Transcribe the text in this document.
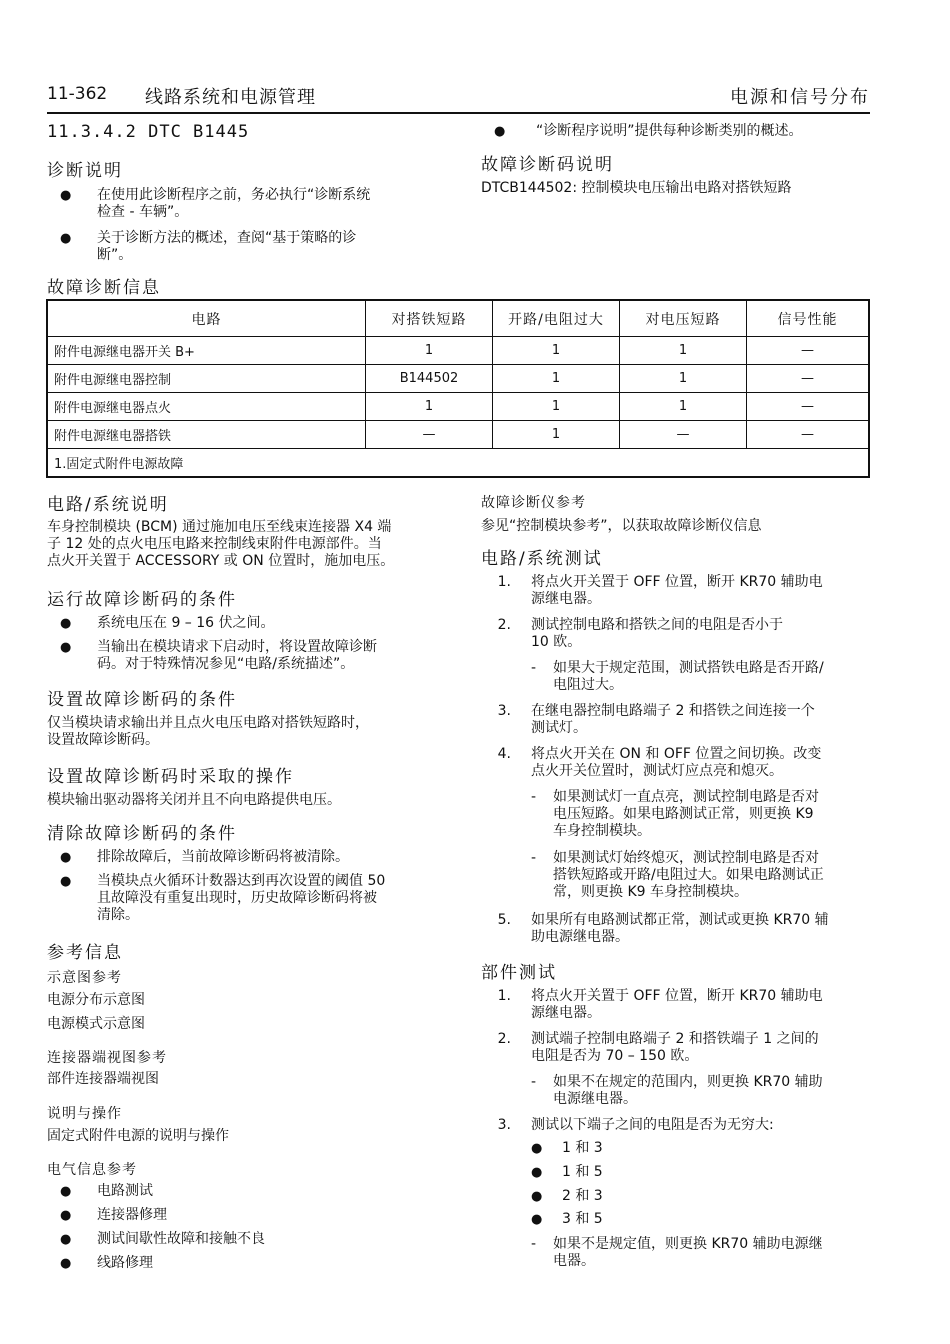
11-362 线路系统和电源管理	电源和信号分布
11.3.4.2 DTC B1445
诊断说明
● 在使用此诊断程序之前，务必执行“诊断系统
检查 - 车辆”。
● 关于诊断方法的概述，查阅“基于策略的诊
断”。
故障诊断信息
● “诊断程序说明”提供每种诊断类别的概述。
故障诊断码说明
DTCB144502: 控制模块电压输出电路对搭铁短路
电路	对搭铁短路	开路/电阻过大	对电压短路	信号性能
附件电源继电器开关 B+	1	1	1	—
附件电源继电器控制	B144502	1	1	—
附件电源继电器点火	1	1	1	—
附件电源继电器搭铁	—	1	—	—
1.固定式附件电源故障				
电路/系统说明
车身控制模块 (BCM) 通过施加电压至线束连接器 X4 端
子 12 处的点火电压电路来控制线束附件电源部件。当
点火开关置于 ACCESSORY 或 ON 位置时，施加电压。
运行故障诊断码的条件
● 系统电压在 9 – 16 伏之间。
● 当输出在模块请求下启动时，将设置故障诊断
码。对于特殊情况参见“电路/系统描述”。
设置故障诊断码的条件
仅当模块请求输出并且点火电压电路对搭铁短路时，
设置故障诊断码。
设置故障诊断码时采取的操作
模块输出驱动器将关闭并且不向电路提供电压。
清除故障诊断码的条件
● 排除故障后，当前故障诊断码将被清除。
● 当模块点火循环计数器达到再次设置的阈值 50
且故障没有重复出现时，历史故障诊断码将被
清除。
参考信息
示意图参考
电源分布示意图
电源模式示意图
连接器端视图参考
部件连接器端视图
说明与操作
固定式附件电源的说明与操作
电气信息参考
● 电路测试
● 连接器修理
● 测试间歇性故障和接触不良
● 线路修理
故障诊断仪参考
参见“控制模块参考”，以获取故障诊断仪信息
电路/系统测试
1. 将点火开关置于 OFF 位置，断开 KR70 辅助电
源继电器。
2. 测试控制电路和搭铁之间的电阻是否小于
10 欧。
- 如果大于规定范围，测试搭铁电路是否开路/
电阻过大。
3. 在继电器控制电路端子 2 和搭铁之间连接一个
测试灯。
4. 将点火开关在 ON 和 OFF 位置之间切换。改变
点火开关位置时，测试灯应点亮和熄灭。
- 如果测试灯一直点亮，测试控制电路是否对
电压短路。如果电路测试正常，则更换 K9
车身控制模块。
- 如果测试灯始终熄灭，测试控制电路是否对
搭铁短路或开路/电阻过大。如果电路测试正
常，则更换 K9 车身控制模块。
5. 如果所有电路测试都正常，测试或更换 KR70 辅
助电源继电器。
部件测试
1. 将点火开关置于 OFF 位置，断开 KR70 辅助电
源继电器。
2. 测试端子控制电路端子 2 和搭铁端子 1 之间的
电阻是否为 70 – 150 欧。
- 如果不在规定的范围内，则更换 KR70 辅助
电源继电器。
3. 测试以下端子之间的电阻是否为无穷大:
● 1 和 3
● 1 和 5
● 2 和 3
● 3 和 5
- 如果不是规定值，则更换 KR70 辅助电源继
电器。
